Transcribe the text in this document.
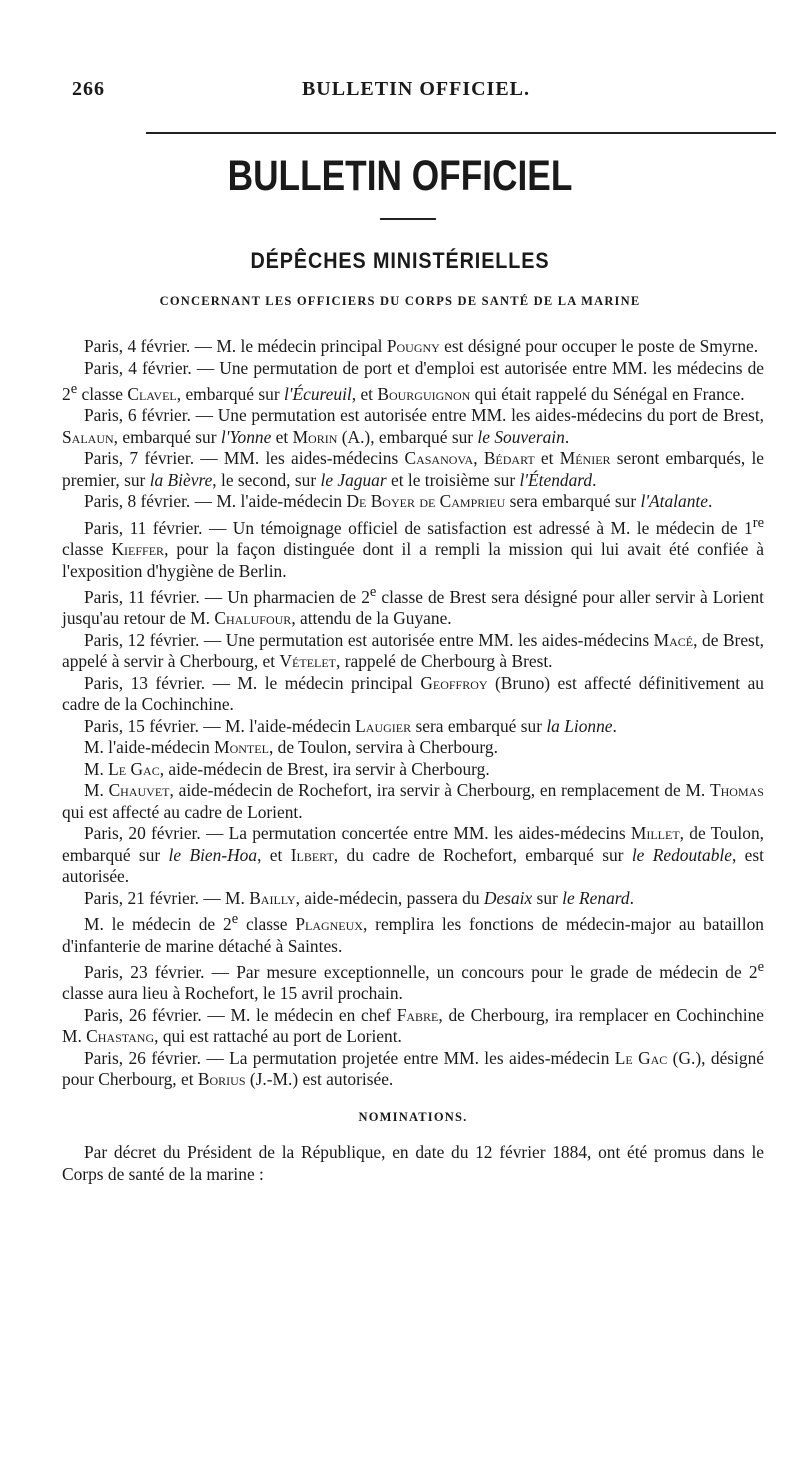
266	BULLETIN OFFICIEL.
BULLETIN OFFICIEL
DÉPÊCHES MINISTÉRIELLES
CONCERNANT LES OFFICIERS DU CORPS DE SANTÉ DE LA MARINE

Paris, 4 février. — M. le médecin principal Pougny est désigné pour occuper le poste de Smyrne.

Paris, 4 février. — Une permutation de port et d'emploi est autorisée entre MM. les médecins de 2e classe Clavel, embarqué sur l'Écureuil, et Bourguignon qui était rappelé du Sénégal en France.

Paris, 6 février. — Une permutation est autorisée entre MM. les aides-médecins du port de Brest, Salaun, embarqué sur l'Yonne et Morin (A.), embarqué sur le Souverain.

Paris, 7 février. — MM. les aides-médecins Casanova, Bédart et Ménier seront embarqués, le premier, sur la Bièvre, le second, sur le Jaguar et le troisième sur l'Étendard.

Paris, 8 février. — M. l'aide-médecin De Boyer de Camprieu sera embarqué sur l'Atalante.

Paris, 11 février. — Un témoignage officiel de satisfaction est adressé à M. le médecin de 1re classe Kieffer, pour la façon distinguée dont il a rempli la mission qui lui avait été confiée à l'exposition d'hygiène de Berlin.

Paris, 11 février. — Un pharmacien de 2e classe de Brest sera désigné pour aller servir à Lorient jusqu'au retour de M. Chalufour, attendu de la Guyane.

Paris, 12 février. — Une permutation est autorisée entre MM. les aides-médecins Macé, de Brest, appelé à servir à Cherbourg, et Vételet, rappelé de Cherbourg à Brest.

Paris, 13 février. — M. le médecin principal Geoffroy (Bruno) est affecté définitivement au cadre de la Cochinchine.

Paris, 15 février. — M. l'aide-médecin Laugier sera embarqué sur la Lionne.

M. l'aide-médecin Montel, de Toulon, servira à Cherbourg.

M. Le Gac, aide-médecin de Brest, ira servir à Cherbourg.

M. Chauvet, aide-médecin de Rochefort, ira servir à Cherbourg, en remplacement de M. Thomas qui est affecté au cadre de Lorient.

Paris, 20 février. — La permutation concertée entre MM. les aides-médecins Millet, de Toulon, embarqué sur le Bien-Hoa, et Ilbert, du cadre de Rochefort, embarqué sur le Redoutable, est autorisée.

Paris, 21 février. — M. Bailly, aide-médecin, passera du Desaix sur le Renard.

M. le médecin de 2e classe Plagneux, remplira les fonctions de médecin-major au bataillon d'infanterie de marine détaché à Saintes.

Paris, 23 février. — Par mesure exceptionnelle, un concours pour le grade de médecin de 2e classe aura lieu à Rochefort, le 15 avril prochain.

Paris, 26 février. — M. le médecin en chef Fabre, de Cherbourg, ira remplacer en Cochinchine M. Chastang, qui est rattaché au port de Lorient.

Paris, 26 février. — La permutation projetée entre MM. les aides-médecin Le Gac (G.), désigné pour Cherbourg, et Borius (J.-M.) est autorisée.

NOMINATIONS.

Par décret du Président de la République, en date du 12 février 1884, ont été promus dans le Corps de santé de la marine :
